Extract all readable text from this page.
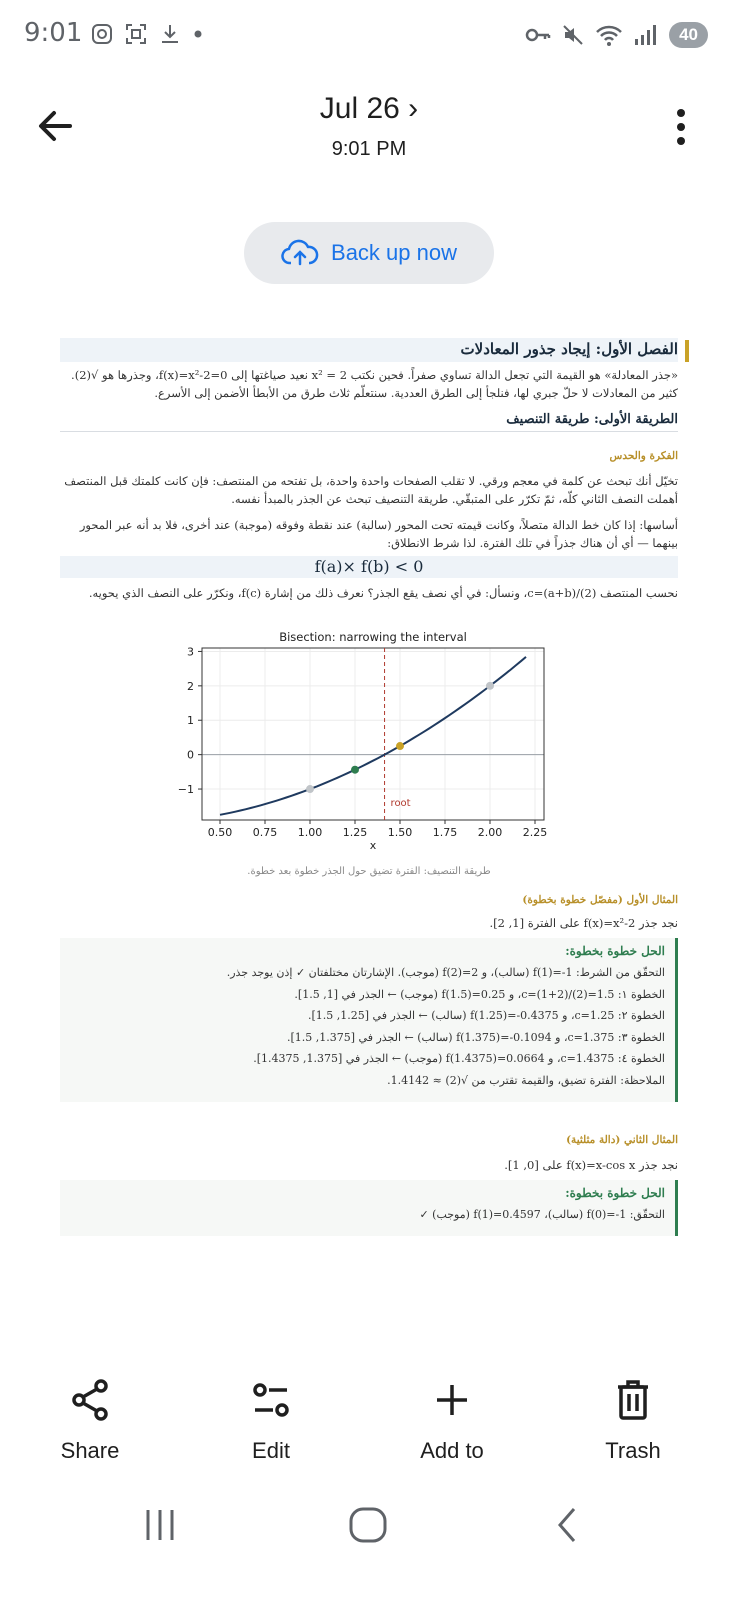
9:01	40
Jul 26 ›
9:01 PM
Back up now
الفصل الأول: إيجاد جذور المعادلات
«جذر المعادلة» هو القيمة التي تجعل الدالة تساوي صفراً. فحين نكتب x² = 2 نعيد صياغتها إلى f(x)=x²-2=0، وجذرها هو √(2). كثير من المعادلات لا حلّ جبري لها، فنلجأ إلى الطرق العددية. سنتعلّم ثلاث طرق من الأبطأ الأضمن إلى الأسرع.
الطريقة الأولى: طريقة التنصيف
الفكرة والحدس
تخيّل أنك تبحث عن كلمة في معجم ورقي. لا تقلب الصفحات واحدة واحدة، بل تفتحه من المنتصف: فإن كانت كلمتك قبل المنتصف أهملت النصف الثاني كلّه، ثمّ تكرّر على المتبقّي. طريقة التنصيف تبحث عن الجذر بالمبدأ نفسه.
أساسها: إذا كان خط الدالة متصلاً، وكانت قيمته تحت المحور (سالبة) عند نقطة وفوقه (موجبة) عند أخرى، فلا بد أنه عبر المحور بينهما — أي أن هناك جذراً في تلك الفترة. لذا شرط الانطلاق:
f(a)× f(b) < 0
نحسب المنتصف c=(a+b)/(2)، ونسأل: في أي نصف يقع الجذر؟ نعرف ذلك من إشارة f(c)، ونكرّر على النصف الذي يحويه.
طريقة التنصيف: الفترة تضيق حول الجذر خطوة بعد خطوة.
المثال الأول (مفصّل خطوة بخطوة)
نجد جذر f(x)=x²-2 على الفترة [1, 2].
الحل خطوة بخطوة:
التحقّق من الشرط: f(1)=-1 (سالب)، و f(2)=2 (موجب). الإشارتان مختلفتان ✓ إذن يوجد جذر.
الخطوة ١: c=(1+2)/(2)=1.5، و f(1.5)=0.25 (موجب) ← الجذر في [1, 1.5].
الخطوة ٢: c=1.25، و f(1.25)=-0.4375 (سالب) ← الجذر في [1.25, 1.5].
الخطوة ٣: c=1.375، و f(1.375)=-0.1094 (سالب) ← الجذر في [1.375, 1.5].
الخطوة ٤: c=1.4375، و f(1.4375)=0.0664 (موجب) ← الجذر في [1.375, 1.4375].
الملاحظة: الفترة تضيق، والقيمة تقترب من √(2) ≈ 1.4142.
المثال الثاني (دالة مثلثية)
نجد جذر f(x)=x-cos x على [0, 1].
الحل خطوة بخطوة:
التحقّق: f(0)=-1 (سالب)، f(1)=0.4597 (موجب) ✓
Bisection: narrowing the interval
0.50 0.75 1.00 1.25 1.50 1.75 2.00 2.25
−1
0
1
2
3
x
root
Share	Edit	Add to	Trash
